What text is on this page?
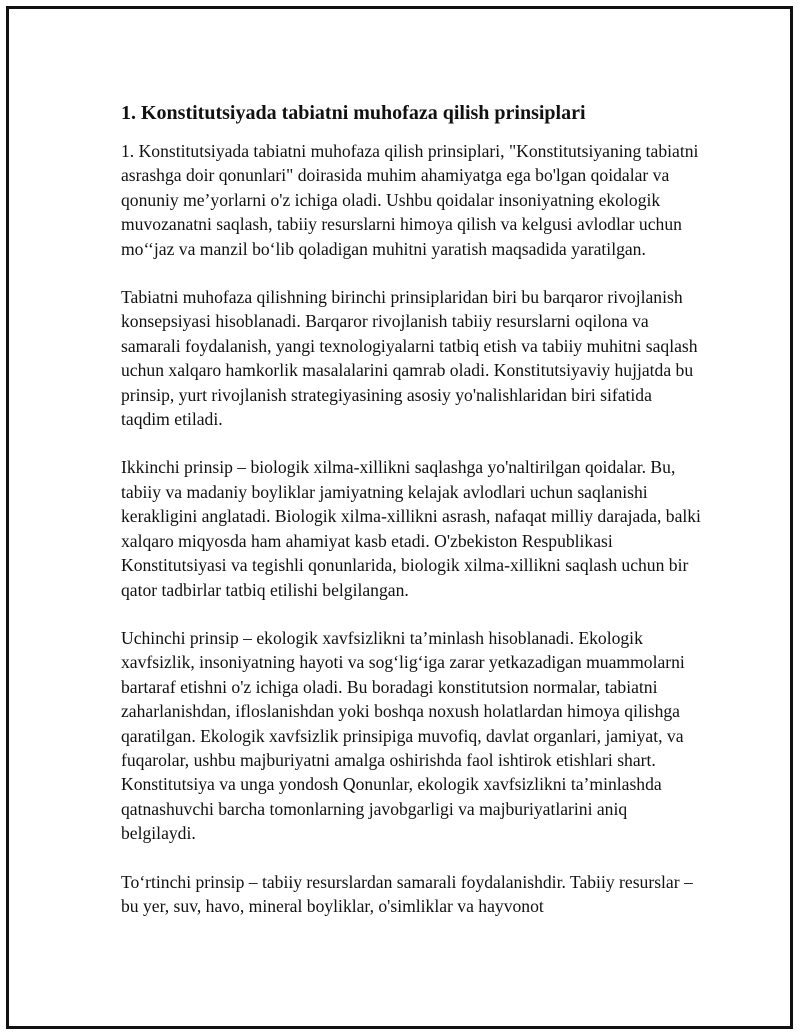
1. Konstitutsiyada tabiatni muhofaza qilish prinsiplari

1. Konstitutsiyada tabiatni muhofaza qilish prinsiplari, "Konstitutsiyaning tabiatni asrashga doir qonunlari" doirasida muhim ahamiyatga ega bo'lgan qoidalar va qonuniy me’yorlarni o'z ichiga oladi. Ushbu qoidalar insoniyatning ekologik muvozanatni saqlash, tabiiy resurslarni himoya qilish va kelgusi avlodlar uchun mo‘‘jaz va manzil bo‘lib qoladigan muhitni yaratish maqsadida yaratilgan.

Tabiatni muhofaza qilishning birinchi prinsiplaridan biri bu barqaror rivojlanish konsepsiyasi hisoblanadi. Barqaror rivojlanish tabiiy resurslarni oqilona va samarali foydalanish, yangi texnologiyalarni tatbiq etish va tabiiy muhitni saqlash uchun xalqaro hamkorlik masalalarini qamrab oladi. Konstitutsiyaviy hujjatda bu prinsip, yurt rivojlanish strategiyasining asosiy yo'nalishlaridan biri sifatida taqdim etiladi.

Ikkinchi prinsip – biologik xilma-xillikni saqlashga yo'naltirilgan qoidalar. Bu, tabiiy va madaniy boyliklar jamiyatning kelajak avlodlari uchun saqlanishi kerakligini anglatadi. Biologik xilma-xillikni asrash, nafaqat milliy darajada, balki xalqaro miqyosda ham ahamiyat kasb etadi. O'zbekiston Respublikasi Konstitutsiyasi va tegishli qonunlarida, biologik xilma-xillikni saqlash uchun bir qator tadbirlar tatbiq etilishi belgilangan.

Uchinchi prinsip – ekologik xavfsizlikni ta’minlash hisoblanadi. Ekologik xavfsizlik, insoniyatning hayoti va sog‘lig‘iga zarar yetkazadigan muammolarni bartaraf etishni o'z ichiga oladi. Bu boradagi konstitutsion normalar, tabiatni zaharlanishdan, ifloslanishdan yoki boshqa noxush holatlardan himoya qilishga qaratilgan. Ekologik xavfsizlik prinsipiga muvofiq, davlat organlari, jamiyat, va fuqarolar, ushbu majburiyatni amalga oshirishda faol ishtirok etishlari shart. Konstitutsiya va unga yondosh Qonunlar, ekologik xavfsizlikni ta’minlashda qatnashuvchi barcha tomonlarning javobgarligi va majburiyatlarini aniq belgilaydi.

To‘rtinchi prinsip – tabiiy resurslardan samarali foydalanishdir. Tabiiy resurslar – bu yer, suv, havo, mineral boyliklar, o'simliklar va hayvonot
